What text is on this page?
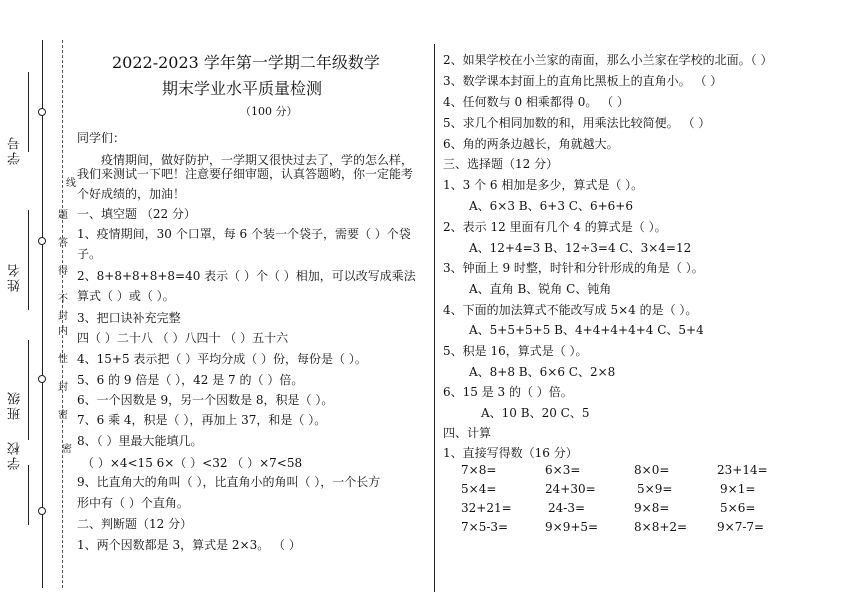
学号
姓名
班级
学校
线
题
答
得
不
内
封
性
封
密
密
2022-2023 学年第一学期二年级数学
期末学业水平质量检测
（100 分）
同学们：
疫情期间，做好防护，一学期又很快过去了，学的怎么样，
我们来测试一下吧！注意要仔细审题，认真答题哟，你一定能考
个好成绩的，加油！
一、填空题 （22 分）
1、疫情期间，30 个口罩，每 6 个装一个袋子，需要（ ）个袋
子。
2、8+8+8+8+8=40 表示（ ）个（ ）相加，可以改写成乘法
算式（ ）或（ ）。
3、把口诀补充完整
四（ ）二十八 （ ）八四十 （ ）五十六
4、15+5 表示把（ ）平均分成（ ）份，每份是（ ）。
5、6 的 9 倍是（ ），42 是 7 的（ ）倍。
6、一个因数是 9，另一个因数是 8，积是（ ）。
7、6 乘 4，积是（ ），再加上 37，和是（ ）。
8、（ ）里最大能填几。
（ ）×4<15 6×（ ）<32 （ ）×7<58
9、比直角大的角叫（ ），比直角小的角叫（ ），一个长方
形中有（ ）个直角。
二、判断题（12 分）
1、两个因数都是 3，算式是 2×3。 （ ）
2、如果学校在小兰家的南面，那么小兰家在学校的北面。（ ）
3、数学课本封面上的直角比黑板上的直角小。 （ ）
4、任何数与 0 相乘都得 0。 （ ）
5、求几个相同加数的和，用乘法比较简便。 （ ）
6、角的两条边越长，角就越大。
三、选择题（12 分）
1、3 个 6 相加是多少，算式是（ ）。
A、6×3 B、6+3 C、6+6+6
2、表示 12 里面有几个 4 的算式是（ ）。
A、12+4=3 B、12÷3=4 C、3×4=12
3、钟面上 9 时整，时针和分针形成的角是（ ）。
A、直角 B、锐角 C、钝角
4、下面的加法算式不能改写成 5×4 的是（ ）。
A、5+5+5+5 B、4+4+4+4+4 C、5+4
5、积是 16，算式是（ ）。
A、8+8 B、6×6 C、2×8
6、15 是 3 的（ ）倍。
A、10 B、20 C、5
四、计算
1、直接写得数（16 分）
7×8=	6×3=	8×0=	23+14=
5×4=	24+30=	5×9=	9×1=
32+21=	24-3=	9×8=	5×6=
7×5-3=	9×9+5=	8×8+2= 9×7-7=
